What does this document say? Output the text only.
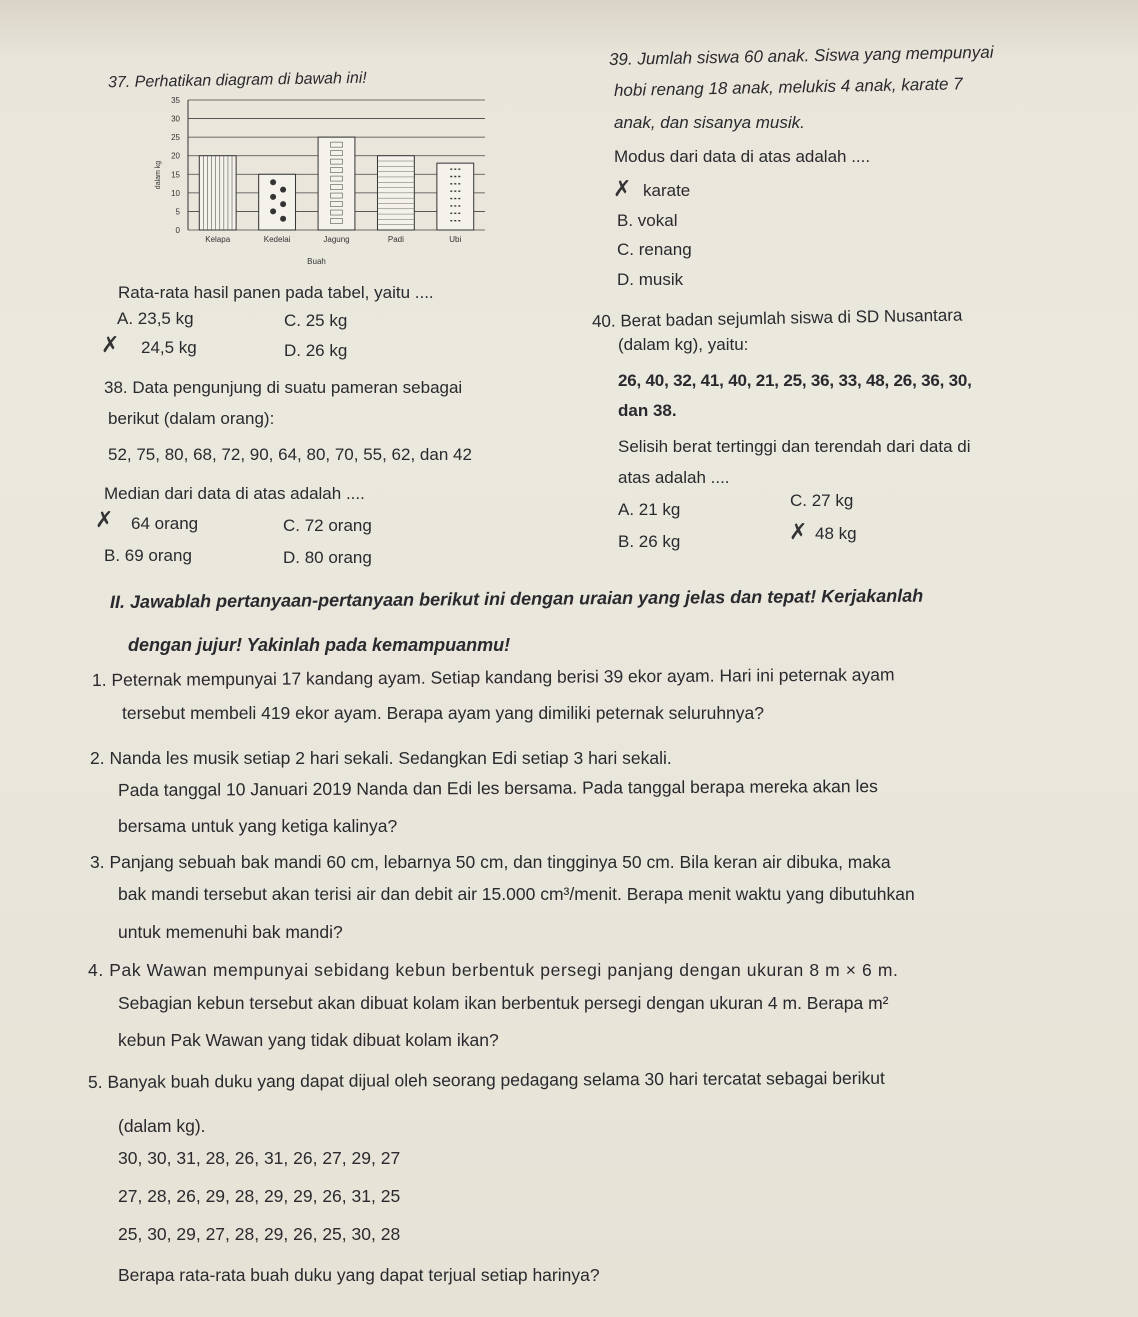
37. Perhatikan diagram di bawah ini!
0
5
10
15
20
25
30
35
dalam kg
Kelapa	Kedelai	Jagung	Padi	Ubi
Buah
Rata-rata hasil panen pada tabel, yaitu ....
A. 23,5 kg	C. 25 kg
✗ 24,5 kg	D. 26 kg
38. Data pengunjung di suatu pameran sebagai
berikut (dalam orang):
52, 75, 80, 68, 72, 90, 64, 80, 70, 55, 62, dan 42
Median dari data di atas adalah ....
✗ 64 orang	C. 72 orang
B. 69 orang	D. 80 orang
39. Jumlah siswa 60 anak. Siswa yang mempunyai
hobi renang 18 anak, melukis 4 anak, karate 7
anak, dan sisanya musik.
Modus dari data di atas adalah ....
✗ karate
B. vokal
C. renang
D. musik
40. Berat badan sejumlah siswa di SD Nusantara
(dalam kg), yaitu:
26, 40, 32, 41, 40, 21, 25, 36, 33, 48, 26, 36, 30,
dan 38.
Selisih berat tertinggi dan terendah dari data di
atas adalah ....
A. 21 kg	C. 27 kg
B. 26 kg	✗ 48 kg
II. Jawablah pertanyaan-pertanyaan berikut ini dengan uraian yang jelas dan tepat! Kerjakanlah
dengan jujur! Yakinlah pada kemampuanmu!
1. Peternak mempunyai 17 kandang ayam. Setiap kandang berisi 39 ekor ayam. Hari ini peternak ayam
tersebut membeli 419 ekor ayam. Berapa ayam yang dimiliki peternak seluruhnya?
2. Nanda les musik setiap 2 hari sekali. Sedangkan Edi setiap 3 hari sekali.
Pada tanggal 10 Januari 2019 Nanda dan Edi les bersama. Pada tanggal berapa mereka akan les
bersama untuk yang ketiga kalinya?
3. Panjang sebuah bak mandi 60 cm, lebarnya 50 cm, dan tingginya 50 cm. Bila keran air dibuka, maka
bak mandi tersebut akan terisi air dan debit air 15.000 cm³/menit. Berapa menit waktu yang dibutuhkan
untuk memenuhi bak mandi?
4. Pak Wawan mempunyai sebidang kebun berbentuk persegi panjang dengan ukuran 8 m × 6 m.
Sebagian kebun tersebut akan dibuat kolam ikan berbentuk persegi dengan ukuran 4 m. Berapa m²
kebun Pak Wawan yang tidak dibuat kolam ikan?
5. Banyak buah duku yang dapat dijual oleh seorang pedagang selama 30 hari tercatat sebagai berikut
(dalam kg).
30, 30, 31, 28, 26, 31, 26, 27, 29, 27
27, 28, 26, 29, 28, 29, 29, 26, 31, 25
25, 30, 29, 27, 28, 29, 26, 25, 30, 28
Berapa rata-rata buah duku yang dapat terjual setiap harinya?
